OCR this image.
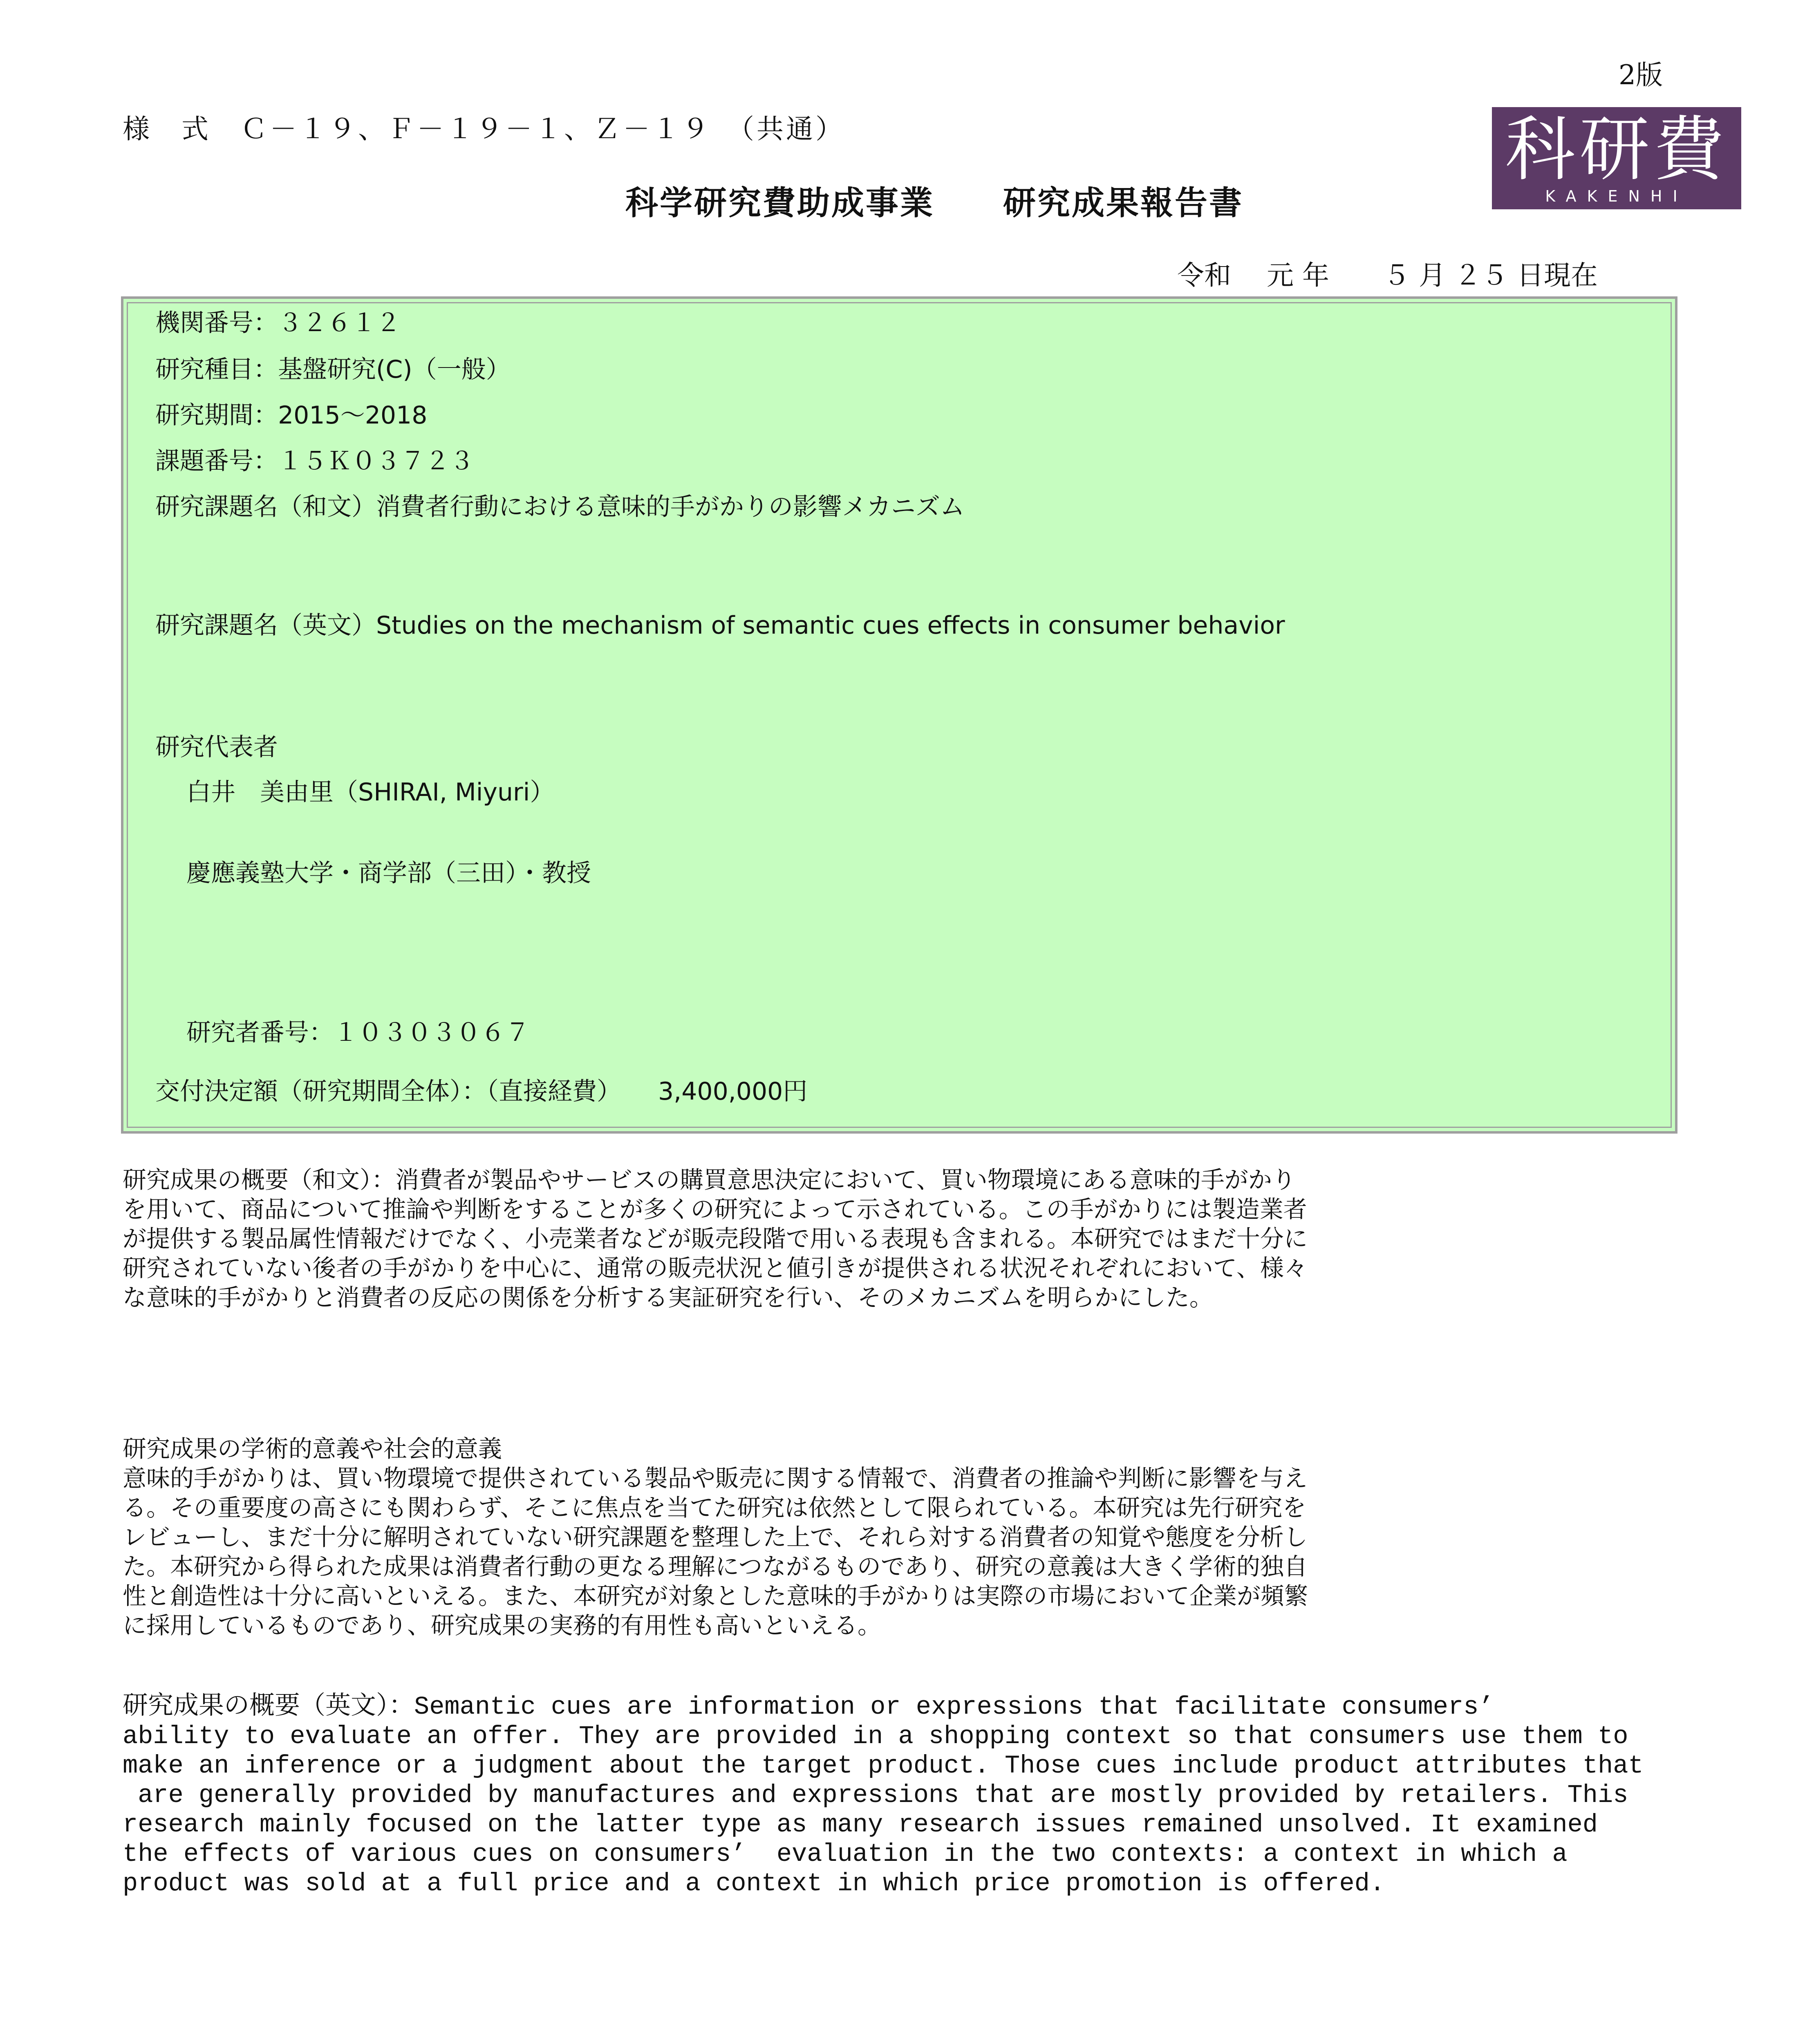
2版
様　式　Ｃ－１９、Ｆ－１９－１、Ｚ－１９　（共通）
科学研究費助成事業　　研究成果報告書
令和　 元 年　　５ 月 ２５ 日現在
科研費
KAKENHI
機関番号：３２６１２
研究種目：基盤研究(C)（一般）
研究期間：2015～2018
課題番号：１５Ｋ０３７２３
研究課題名（和文）消費者行動における意味的手がかりの影響メカニズム
研究課題名（英文）Studies on the mechanism of semantic cues effects in consumer behavior
研究代表者
白井　美由里（SHIRAI, Miyuri）
慶應義塾大学・商学部（三田）・教授
研究者番号：１０３０３０６７
交付決定額（研究期間全体）：（直接経費）　　3,400,000円

研究成果の概要（和文）：消費者が製品やサービスの購買意思決定において、買い物環境にある意味的手がかり

を用いて、商品について推論や判断をすることが多くの研究によって示されている。この手がかりには製造業者

が提供する製品属性情報だけでなく、小売業者などが販売段階で用いる表現も含まれる。本研究ではまだ十分に

研究されていない後者の手がかりを中心に、通常の販売状況と値引きが提供される状況それぞれにおいて、様々

な意味的手がかりと消費者の反応の関係を分析する実証研究を行い、そのメカニズムを明らかにした。

研究成果の学術的意義や社会的意義

意味的手がかりは、買い物環境で提供されている製品や販売に関する情報で、消費者の推論や判断に影響を与え

る。その重要度の高さにも関わらず、そこに焦点を当てた研究は依然として限られている。本研究は先行研究を

レビューし、まだ十分に解明されていない研究課題を整理した上で、それら対する消費者の知覚や態度を分析し

た。本研究から得られた成果は消費者行動の更なる理解につながるものであり、研究の意義は大きく学術的独自

性と創造性は十分に高いといえる。また、本研究が対象とした意味的手がかりは実際の市場において企業が頻繁

に採用しているものであり、研究成果の実務的有用性も高いといえる。

研究成果の概要（英文）：Semantic cues are information or expressions that facilitate consumers’

ability to evaluate an offer. They are provided in a shopping context so that consumers use them to

make an inference or a judgment about the target product. Those cues include product attributes that

are generally provided by manufactures and expressions that are mostly provided by retailers. This

research mainly focused on the latter type as many research issues remained unsolved. It examined

the effects of various cues on consumers’  evaluation in the two contexts: a context in which a

product was sold at a full price and a context in which price promotion is offered.
